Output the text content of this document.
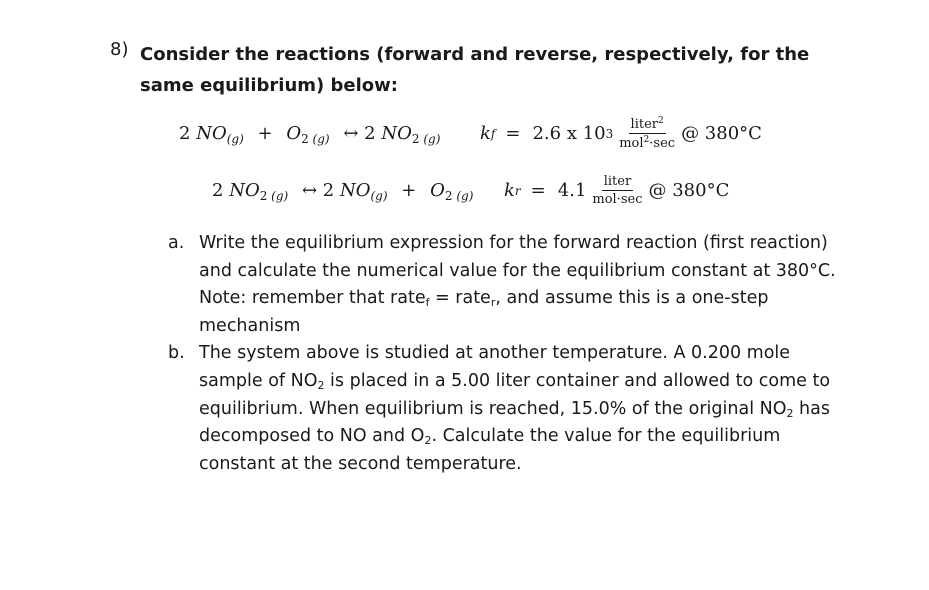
8) Consider the reactions (forward and reverse, respectively, for the same equilibrium) below:
2 $NO_{(g)} + O_{2 (g)}$ ↔ 2 $NO_{2 (g)}$ k f = 2.6 x 10 $3 \frac{liter^2}{mol^2\cdot\sec}$ @ 380°C
2 $NO_{2 (g)}$ ↔ 2 $NO_{(g)} + O_{2 (g)}$ k $r = 4.1 \frac{\text{liter}}{\text{mol·sec}}$ @ 380°C
a. Write the equilibrium expression for the forward reaction (first reaction) and calculate the numerical value for the equilibrium constant at 380°C. Note: remember that rate$_f$ = rate$_r$, and assume this is a one-step mechanism
b. The system above is studied at another temperature. A 0.200 mole sample of $NO_2$ is placed in a 5.00 liter container and allowed to come to equilibrium. When equilibrium is reached, 15.0% of the original $NO_2$ has decomposed to NO and $O_2$. Calculate the value for the equilibrium constant at the second temperature.
